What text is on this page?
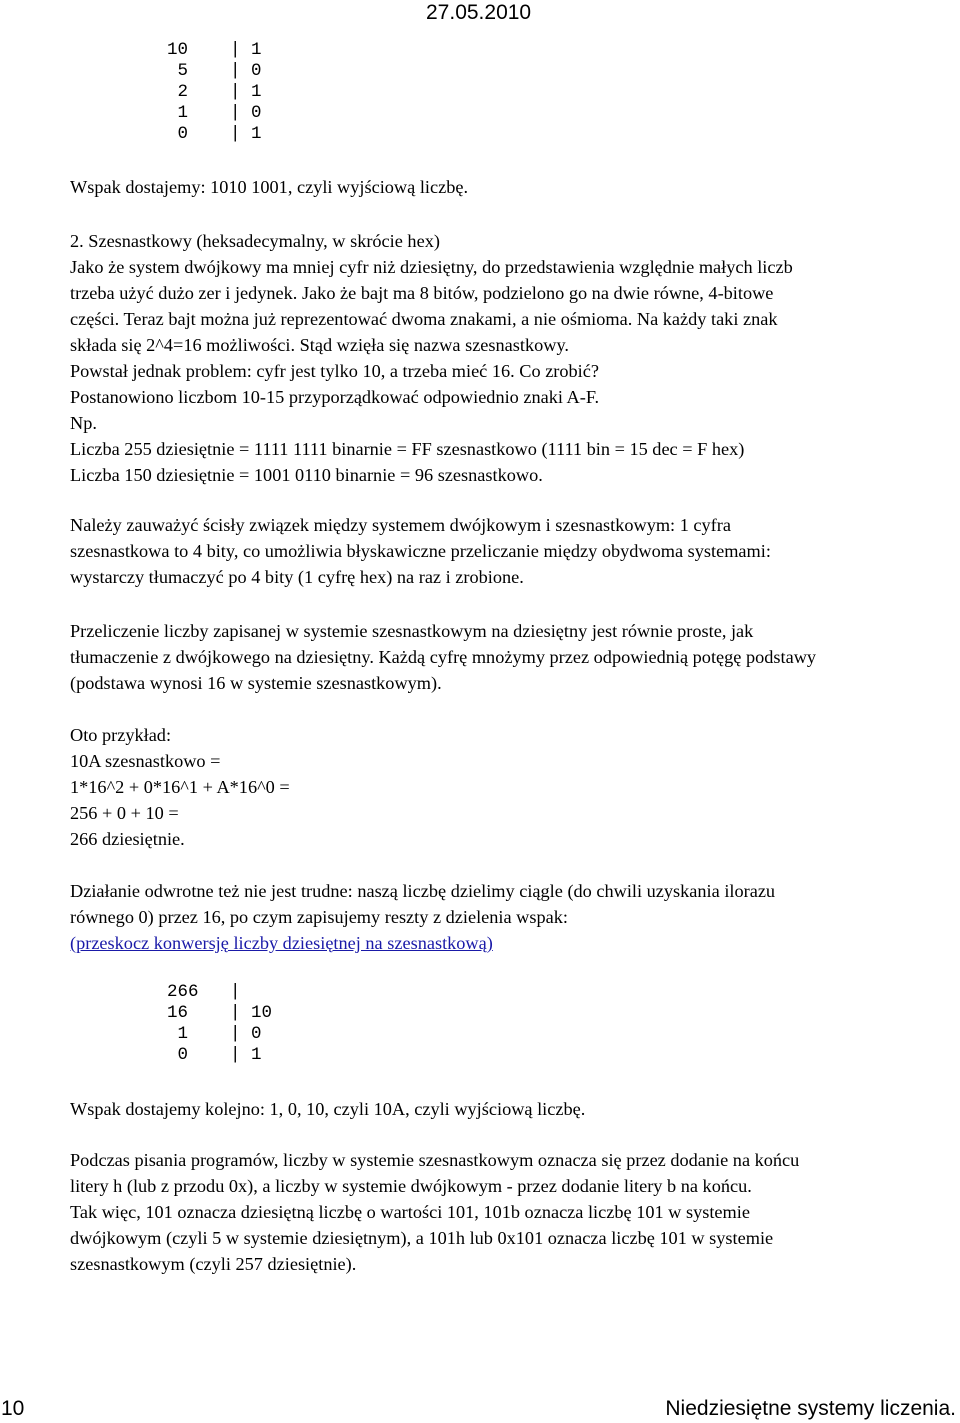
27.05.2010
10    | 1
5    | 0
2    | 1
1    | 0
0    | 1

Wspak dostajemy: 1010 1001, czyli wyjściową liczbę.

2. Szesnastkowy (heksadecymalny, w skrócie hex)
Jako że system dwójkowy ma mniej cyfr niż dziesiętny, do przedstawienia względnie małych liczb
trzeba użyć dużo zer i jedynek. Jako że bajt ma 8 bitów, podzielono go na dwie równe, 4-bitowe
części. Teraz bajt można już reprezentować dwoma znakami, a nie ośmioma. Na każdy taki znak
składa się 2^4=16 możliwości. Stąd wzięła się nazwa szesnastkowy.
Powstał jednak problem: cyfr jest tylko 10, a trzeba mieć 16. Co zrobić?
Postanowiono liczbom 10-15 przyporządkować odpowiednio znaki A-F.
Np.
Liczba 255 dziesiętnie = 1111 1111 binarnie = FF szesnastkowo (1111 bin = 15 dec = F hex)
Liczba 150 dziesiętnie = 1001 0110 binarnie = 96 szesnastkowo.
Należy zauważyć ścisły związek między systemem dwójkowym i szesnastkowym: 1 cyfra
szesnastkowa to 4 bity, co umożliwia błyskawiczne przeliczanie między obydwoma systemami:
wystarczy tłumaczyć po 4 bity (1 cyfrę hex) na raz i zrobione.
Przeliczenie liczby zapisanej w systemie szesnastkowym na dziesiętny jest równie proste, jak
tłumaczenie z dwójkowego na dziesiętny. Każdą cyfrę mnożymy przez odpowiednią potęgę podstawy
(podstawa wynosi 16 w systemie szesnastkowym).
Oto przykład:
10A szesnastkowo =
1*16^2 + 0*16^1 + A*16^0 =
256 + 0 + 10 =
266 dziesiętnie.
Działanie odwrotne też nie jest trudne: naszą liczbę dzielimy ciągle (do chwili uzyskania ilorazu
równego 0) przez 16, po czym zapisujemy reszty z dzielenia wspak:
(przeskocz konwersję liczby dziesiętnej na szesnastkową)
266   |
16    | 10
1    | 0
0    | 1

Wspak dostajemy kolejno: 1, 0, 10, czyli 10A, czyli wyjściową liczbę.

Podczas pisania programów, liczby w systemie szesnastkowym oznacza się przez dodanie na końcu
litery h (lub z przodu 0x), a liczby w systemie dwójkowym - przez dodanie litery b na końcu.
Tak więc, 101 oznacza dziesiętną liczbę o wartości 101, 101b oznacza liczbę 101 w systemie
dwójkowym (czyli 5 w systemie dziesiętnym), a 101h lub 0x101 oznacza liczbę 101 w systemie
szesnastkowym (czyli 257 dziesiętnie).
10	Niedziesiętne systemy liczenia.
